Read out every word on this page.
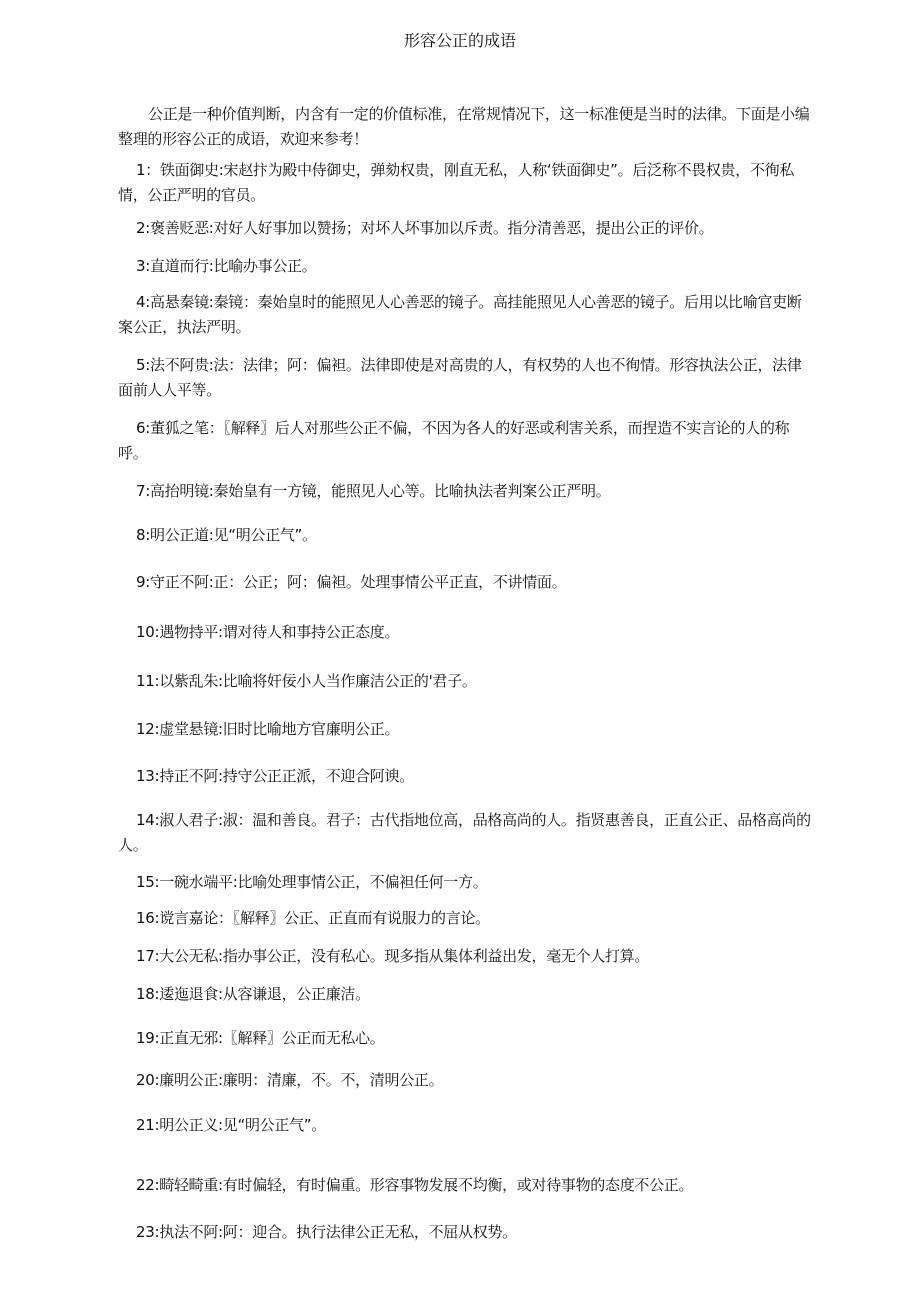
形容公正的成语

公正是一种价值判断，内含有一定的价值标准，在常规情况下，这一标准便是当时的法律。下面是小编整理的形容公正的成语，欢迎来参考！

1：铁面御史:宋赵抃为殿中侍御史，弹劾权贵，刚直无私，人称‘铁面御史”。后泛称不畏权贵，不徇私情，公正严明的官员。

2:褒善贬恶:对好人好事加以赞扬；对坏人坏事加以斥责。指分清善恶，提出公正的评价。

3:直道而行:比喻办事公正。

4:高悬秦镜:秦镜：秦始皇时的能照见人心善恶的镜子。高挂能照见人心善恶的镜子。后用以比喻官吏断案公正，执法严明。

5:法不阿贵:法：法律；阿：偏袒。法律即使是对高贵的人，有权势的人也不徇情。形容执法公正，法律面前人人平等。

6:董狐之笔：〖解释〗后人对那些公正不偏，不因为各人的好恶或利害关系，而捏造不实言论的人的称呼。

7:高抬明镜:秦始皇有一方镜，能照见人心等。比喻执法者判案公正严明。

8:明公正道:见“明公正气”。

9:守正不阿:正：公正；阿：偏袒。处理事情公平正直，不讲情面。

10:遇物持平:谓对待人和事持公正态度。

11:以紫乱朱:比喻将奸佞小人当作廉洁公正的'君子。

12:虚堂悬镜:旧时比喻地方官廉明公正。

13:持正不阿:持守公正正派，不迎合阿谀。

14:淑人君子:淑：温和善良。君子：古代指地位高，品格高尚的人。指贤惠善良，正直公正、品格高尚的人。

15:一碗水端平:比喻处理事情公正，不偏袒任何一方。

16:谠言嘉论：〖解释〗公正、正直而有说服力的言论。

17:大公无私:指办事公正，没有私心。现多指从集体利益出发，毫无个人打算。

18:逶迤退食:从容谦退，公正廉洁。

19:正直无邪:〖解释〗公正而无私心。

20:廉明公正:廉明：清廉，不。不，清明公正。

21:明公正义:见“明公正气”。

22:畸轻畸重:有时偏轻，有时偏重。形容事物发展不均衡，或对待事物的态度不公正。

23:执法不阿:阿：迎合。执行法律公正无私，不屈从权势。
